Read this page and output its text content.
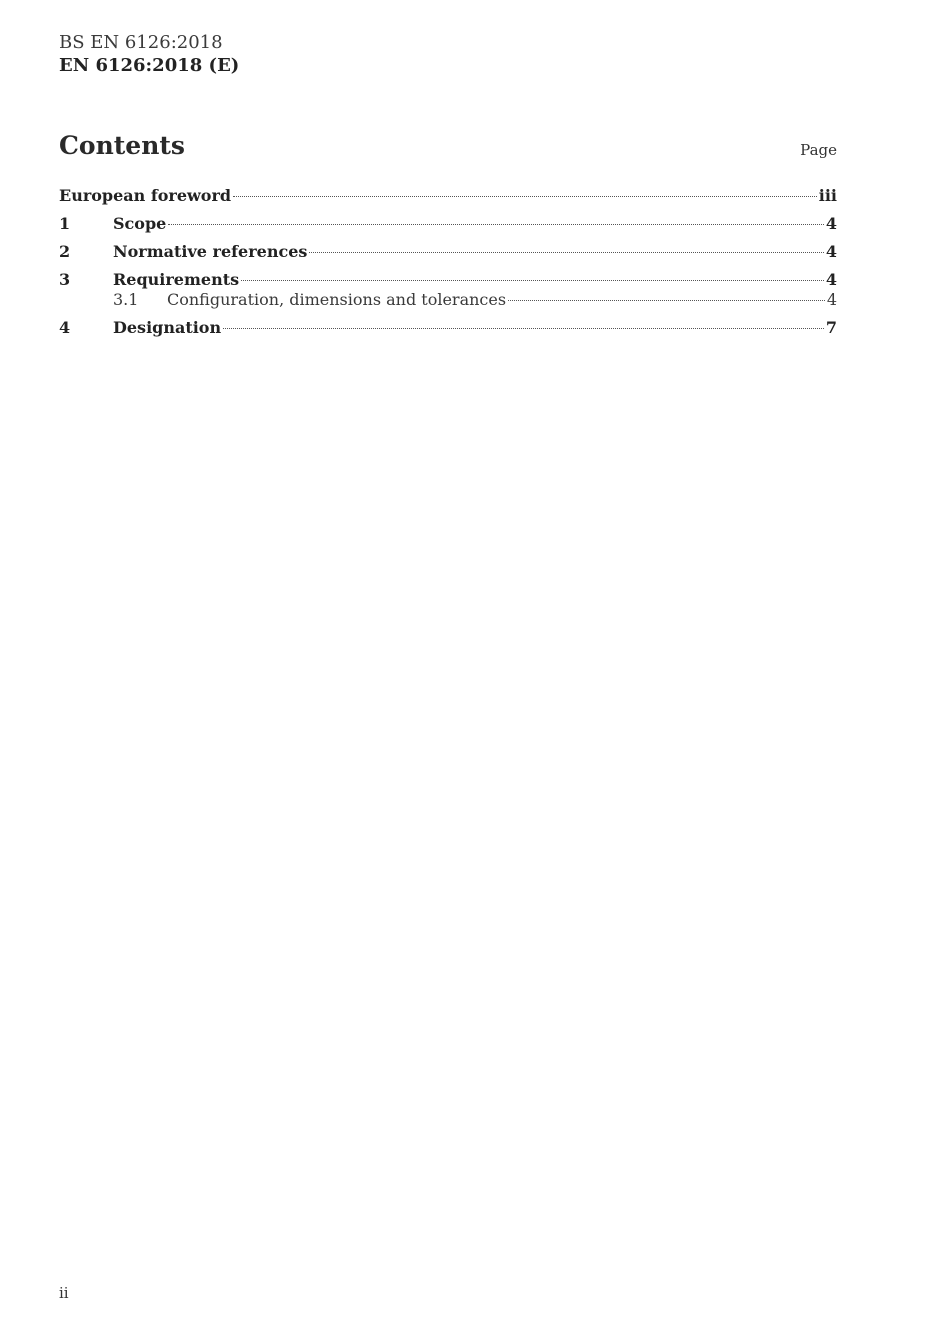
BS EN 6126:2018
EN 6126:2018 (E)
Contents	Page
European foreword	iii
1	Scope	4
2	Normative references	4
3	Requirements	4
3.1	Configuration, dimensions and tolerances	4
4	Designation	7
ii
